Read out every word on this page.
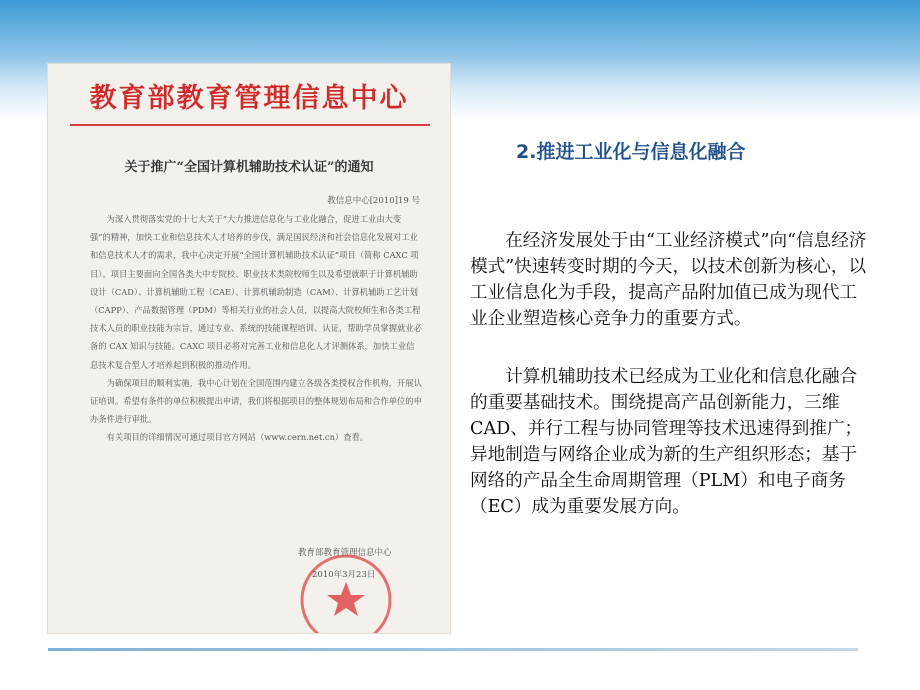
教育部教育管理信息中心
关于推广“全国计算机辅助技术认证”的通知
教信息中心[2010]19 号

为深入贯彻落实党的十七大关于“大力推进信息化与工业化融合，促进工业由大变强”的精神，加快工业和信息技术人才培养的步伐，满足国民经济和社会信息化发展对工业和信息技术人才的需求，我中心决定开展“全国计算机辅助技术认证”项目（简称 CAXC 项目）。项目主要面向全国各类大中专院校、职业技术类院校师生以及希望就职于计算机辅助设计（CAD）、计算机辅助工程（CAE）、计算机辅助制造（CAM）、计算机辅助工艺计划（CAPP）、产品数据管理（PDM）等相关行业的社会人员，以提高大院校师生和各类工程技术人员的职业技能为宗旨，通过专业、系统的技能课程培训、认证，帮助学员掌握就业必备的 CAX 知识与技能。CAXC 项目必将对完善工业和信息化人才评测体系，加快工业信息技术复合型人才培养起到积极的推动作用。

为确保项目的顺利实施，我中心计划在全国范围内建立各级各类授权合作机构，开展认证培训。希望有条件的单位积极提出申请，我们将根据项目的整体规划布局和合作单位的申办条件进行审批。

有关项目的详细情况可通过项目官方网站（www.cern.net.cn）查看。

教育部教育管理信息中心
2010年3月23日
2.推进工业化与信息化融合

在经济发展处于由“工业经济模式”向“信息经济模式”快速转变时期的今天，以技术创新为核心，以工业信息化为手段，提高产品附加值已成为现代工业企业塑造核心竞争力的重要方式。

计算机辅助技术已经成为工业化和信息化融合的重要基础技术。围绕提高产品创新能力，三维CAD、并行工程与协同管理等技术迅速得到推广；异地制造与网络企业成为新的生产组织形态；基于网络的产品全生命周期管理（PLM）和电子商务（EC）成为重要发展方向。
